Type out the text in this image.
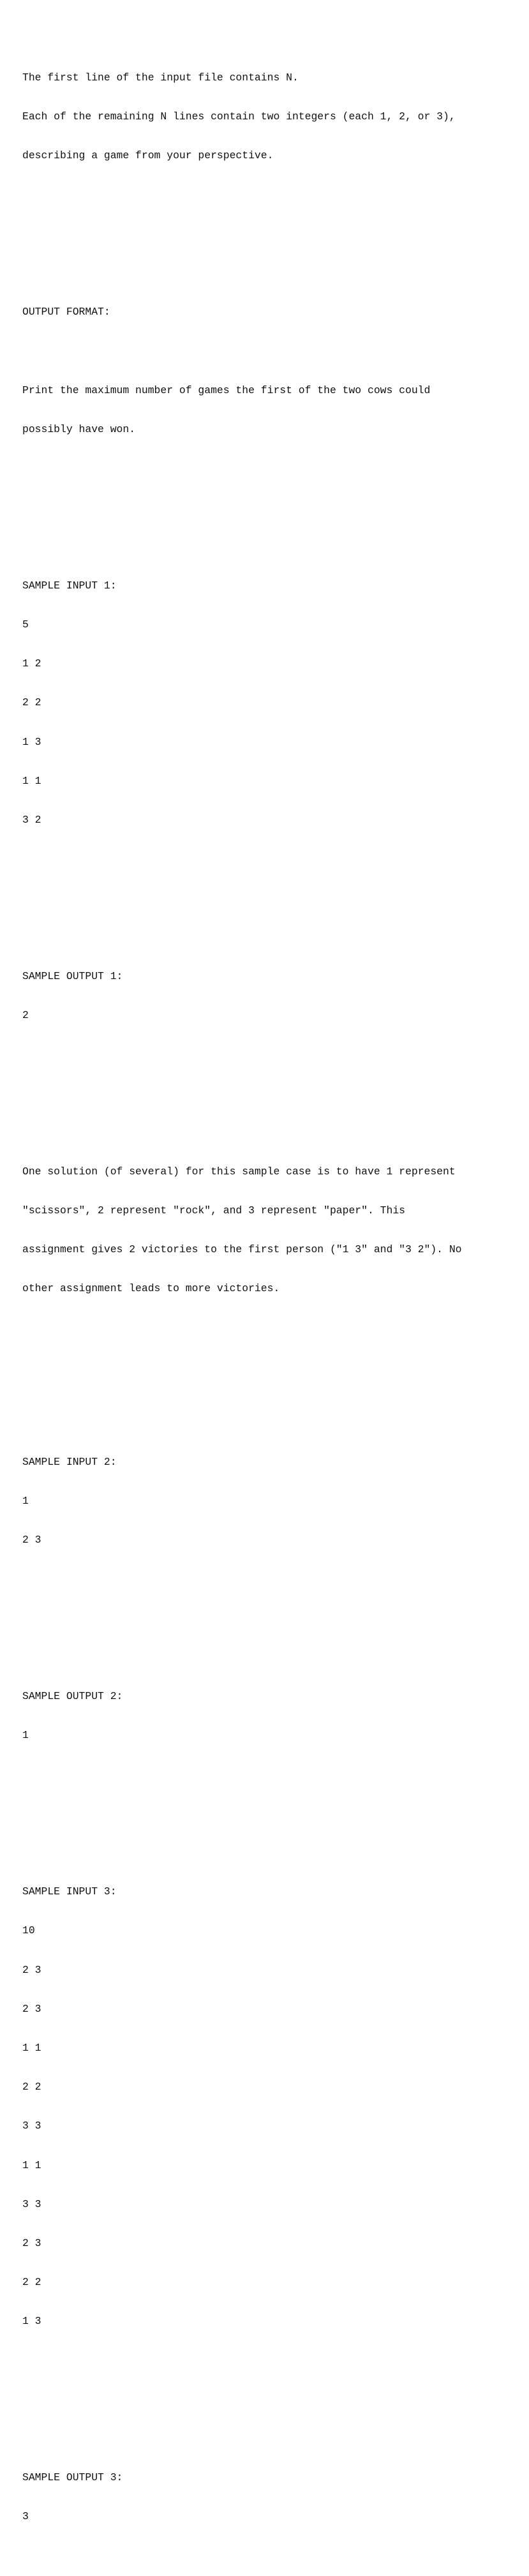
The first line of the input file contains N.

Each of the remaining N lines contain two integers (each 1, 2, or 3),

describing a game from your perspective.

OUTPUT FORMAT:

Print the maximum number of games the first of the two cows could

possibly have won.

SAMPLE INPUT 1:

5

1 2

2 2

1 3

1 1

3 2

SAMPLE OUTPUT 1:

2

One solution (of several) for this sample case is to have 1 represent

"scissors", 2 represent "rock", and 3 represent "paper". This

assignment gives 2 victories to the first person ("1 3" and "3 2"). No

other assignment leads to more victories.

SAMPLE INPUT 2:

1

2 3

SAMPLE OUTPUT 2:

1

SAMPLE INPUT 3:

10

2 3

2 3

1 1

2 2

3 3

1 1

3 3

2 3

2 2

1 3

SAMPLE OUTPUT 3:

3
